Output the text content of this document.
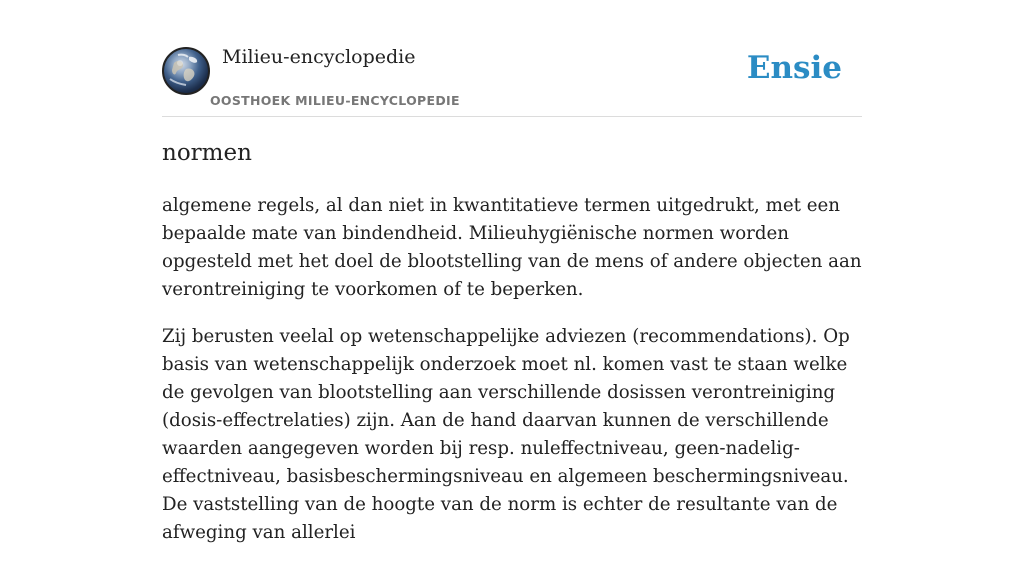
Milieu-encyclopedie
OOSTHOEK MILIEU-ENCYCLOPEDIE
Ensie
normen

algemene regels, al dan niet in kwantitatieve termen uitgedrukt, met een bepaalde mate van bindendheid. Milieuhygiënische normen worden opgesteld met het doel de blootstelling van de mens of andere objecten aan verontreiniging te voorkomen of te beperken.

Zij berusten veelal op wetenschappelijke adviezen (recommendations). Op basis van wetenschappelijk onderzoek moet nl. komen vast te staan welke de gevolgen van blootstelling aan verschillende dosissen verontreiniging (dosis-effectrelaties) zijn. Aan de hand daarvan kunnen de verschillende waarden aangegeven worden bij resp. nuleffectniveau, geen-nadelig-effectniveau, basisbeschermingsniveau en algemeen beschermingsniveau. De vaststelling van de hoogte van de norm is echter de resultante van de afweging van allerlei
